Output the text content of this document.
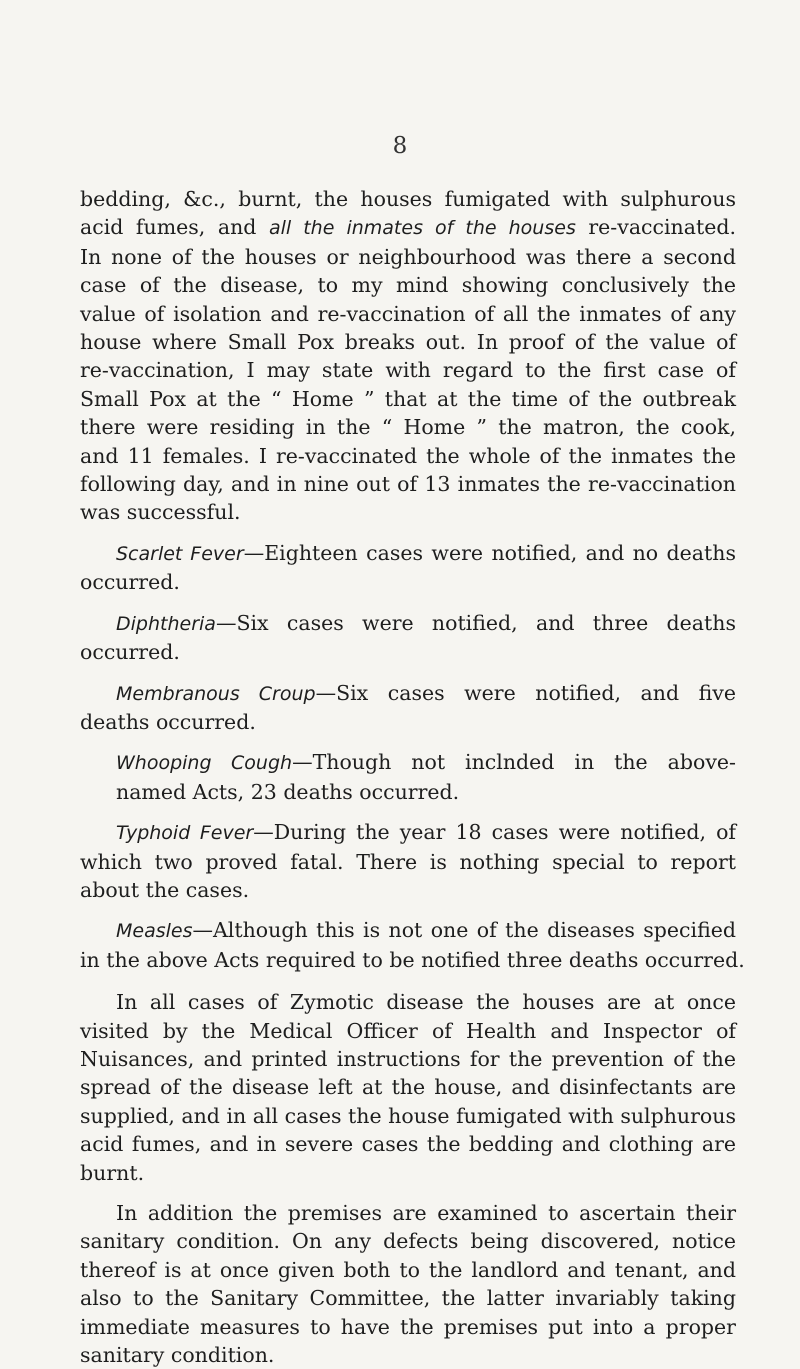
8
bedding, &c., burnt, the houses fumigated with sulphurous
acid fumes, and all the inmates of the houses re-vaccinated.
In none of the houses or neighbourhood was there a second
case of the disease, to my mind showing conclusively the
value of isolation and re-vaccination of all the inmates of any
house where Small Pox breaks out. In proof of the value of
re-vaccination, I may state with regard to the first case of
Small Pox at the “ Home ” that at the time of the outbreak
there were residing in the “ Home ” the matron, the cook,
and 11 females. I re-vaccinated the whole of the inmates the
following day, and in nine out of 13 inmates the re-vaccination
was successful.
Scarlet Fever—Eighteen cases were notified, and no deaths
occurred.
Diphtheria—Six cases were notified, and three deaths
occurred.
Membranous Croup—Six cases were notified, and five
deaths occurred.
Whooping Cough—Though not inclnded in the above-
named Acts, 23 deaths occurred.
Typhoid Fever—During the year 18 cases were notified, of
which two proved fatal. There is nothing special to report
about the cases.
Measles—Although this is not one of the diseases specified
in the above Acts required to be notified three deaths occurred.
In all cases of Zymotic disease the houses are at once
visited by the Medical Officer of Health and Inspector of
Nuisances, and printed instructions for the prevention of the
spread of the disease left at the house, and disinfectants are
supplied, and in all cases the house fumigated with sulphurous
acid fumes, and in severe cases the bedding and clothing are
burnt.
In addition the premises are examined to ascertain their
sanitary condition. On any defects being discovered, notice
thereof is at once given both to the landlord and tenant, and
also to the Sanitary Committee, the latter invariably taking
immediate measures to have the premises put into a proper
sanitary condition.
